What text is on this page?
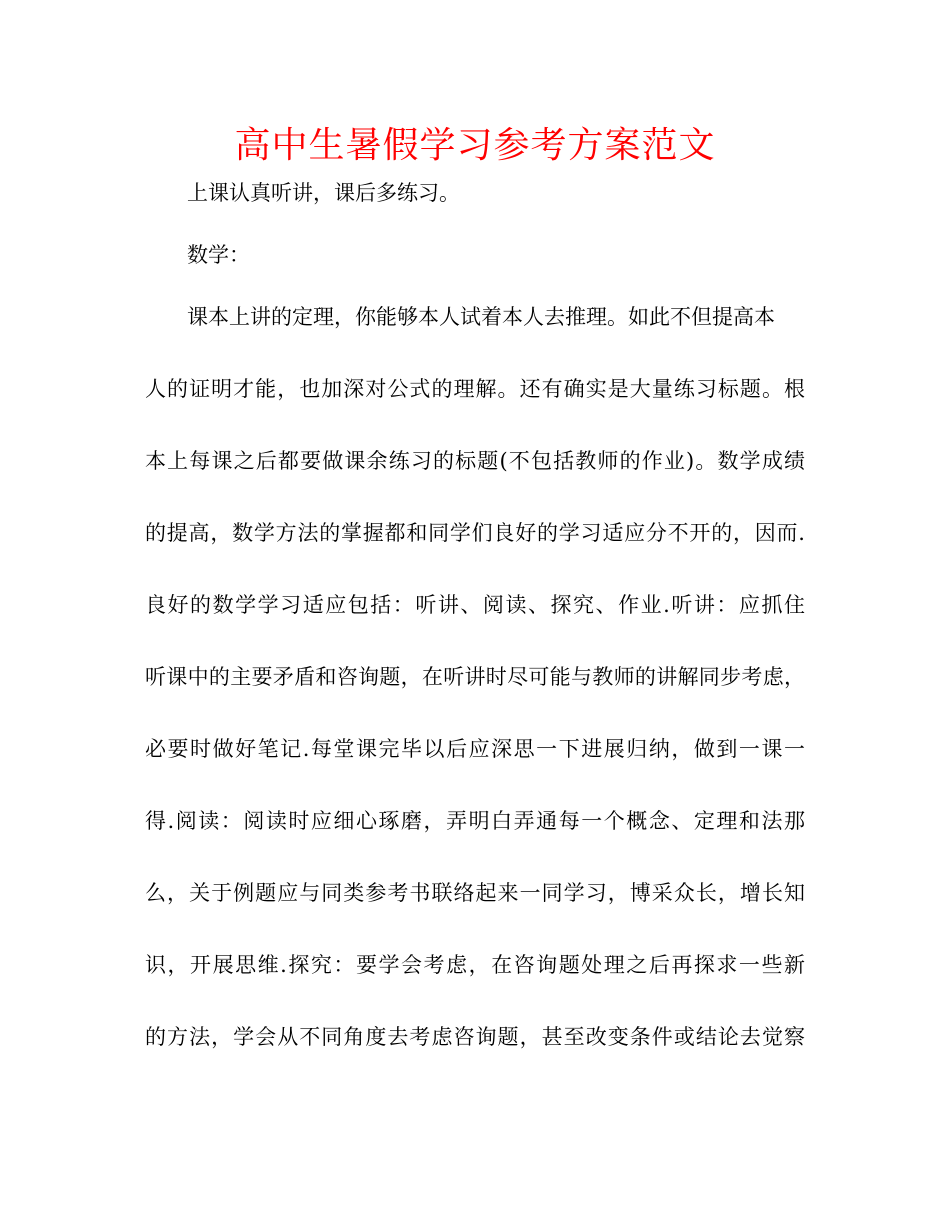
高中生暑假学习参考方案范文

上课认真听讲，课后多练习。

数学：

课本上讲的定理，你能够本人试着本人去推理。如此不但提高本

人的证明才能，也加深对公式的理解。还有确实是大量练习标题。根

本上每课之后都要做课余练习的标题(不包括教师的作业)。数学成绩

的提高，数学方法的掌握都和同学们良好的学习适应分不开的，因而.

良好的数学学习适应包括：听讲、阅读、探究、作业.听讲：应抓住

听课中的主要矛盾和咨询题，在听讲时尽可能与教师的讲解同步考虑，

必要时做好笔记.每堂课完毕以后应深思一下进展归纳，做到一课一

得.阅读：阅读时应细心琢磨，弄明白弄通每一个概念、定理和法那

么，关于例题应与同类参考书联络起来一同学习，博采众长，增长知

识，开展思维.探究：要学会考虑，在咨询题处理之后再探求一些新

的方法，学会从不同角度去考虑咨询题，甚至改变条件或结论去觉察
